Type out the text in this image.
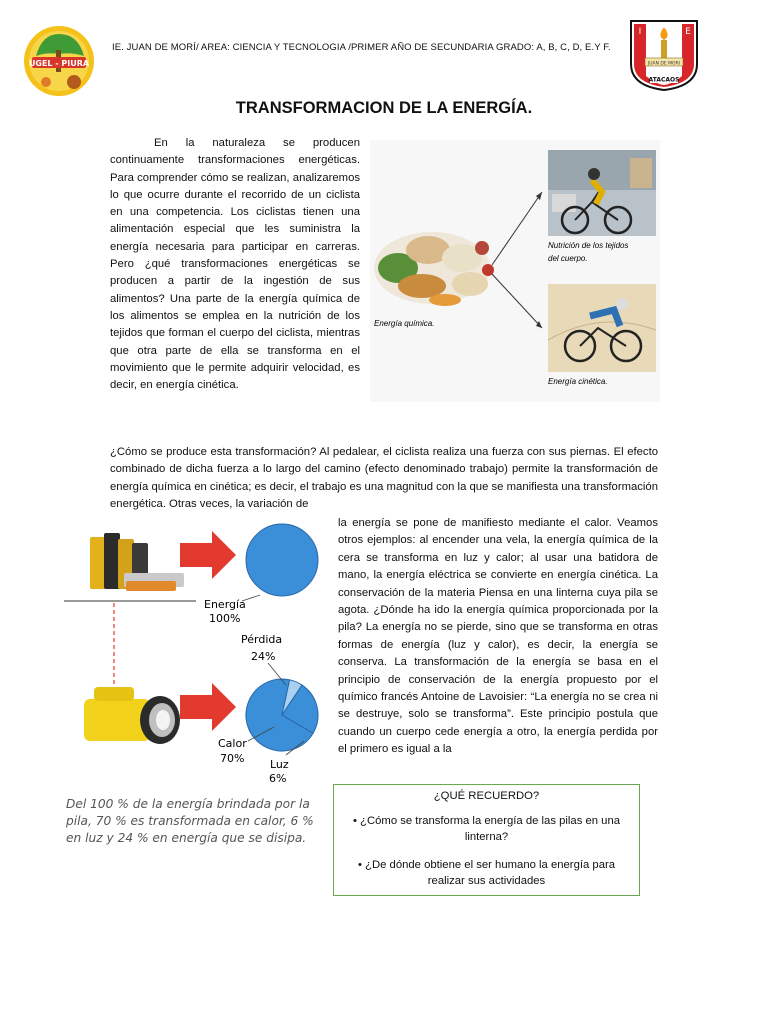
UGEL - PIURA
IE. JUAN DE MORÍ/ AREA: CIENCIA Y TECNOLOGIA /PRIMER AÑO DE SECUNDARIA GRADO: A, B, C, D, E.Y F.
I	E
JUAN DE MORI
ATACAOS
TRANSFORMACION DE LA ENERGÍA.
En la naturaleza se producen continuamente transformaciones energéticas. Para comprender cómo se realizan, analizaremos lo que ocurre durante el recorrido de un ciclista en una competencia. Los ciclistas tienen una alimentación especial que les suministra la energía necesaria para participar en carreras. Pero ¿qué transformaciones energéticas se producen a partir de la ingestión de sus alimentos? Una parte de la energía química de los alimentos se emplea en la nutrición de los tejidos que forman el cuerpo del ciclista, mientras que otra parte de ella se transforma en el movimiento que le permite adquirir velocidad, es decir, en energía cinética.
Energía química.
Nutrición de los tejidos
del cuerpo.
Energía cinética.
¿Cómo se produce esta transformación? Al pedalear, el ciclista realiza una fuerza con sus piernas. El efecto combinado de dicha fuerza a lo largo del camino (efecto denominado trabajo) permite la transformación de energía química en cinética; es decir, el trabajo es una magnitud con la que se manifiesta una transformación energética. Otras veces, la variación de
Energía
100%
Pérdida
24%
Calor
70% Luz
6%
la energía se pone de manifiesto mediante el calor. Veamos otros ejemplos: al encender una vela, la energía química de la cera se transforma en luz y calor; al usar una batidora de mano, la energía eléctrica se convierte en energía cinética. La conservación de la materia Piensa en una linterna cuya pila se agota. ¿Dónde ha ido la energía química proporcionada por la pila? La energía no se pierde, sino que se transforma en otras formas de energía (luz y calor), es decir, la energía se conserva. La transformación de la energía se basa en el principio de conservación de la energía propuesto por el químico francés Antoine de Lavoisier: “La energía no se crea ni se destruye, solo se transforma”. Este principio postula que cuando un cuerpo cede energía a otro, la energía perdida por el primero es igual a la
Del 100 % de la energía brindada por la pila, 70 % es transformada en calor, 6 % en luz y 24 % en energía que se disipa.
¿QUÉ RECUERDO?
• ¿Cómo se transforma la energía de las pilas en una linterna?
• ¿De dónde obtiene el ser humano la energía para realizar sus actividades
